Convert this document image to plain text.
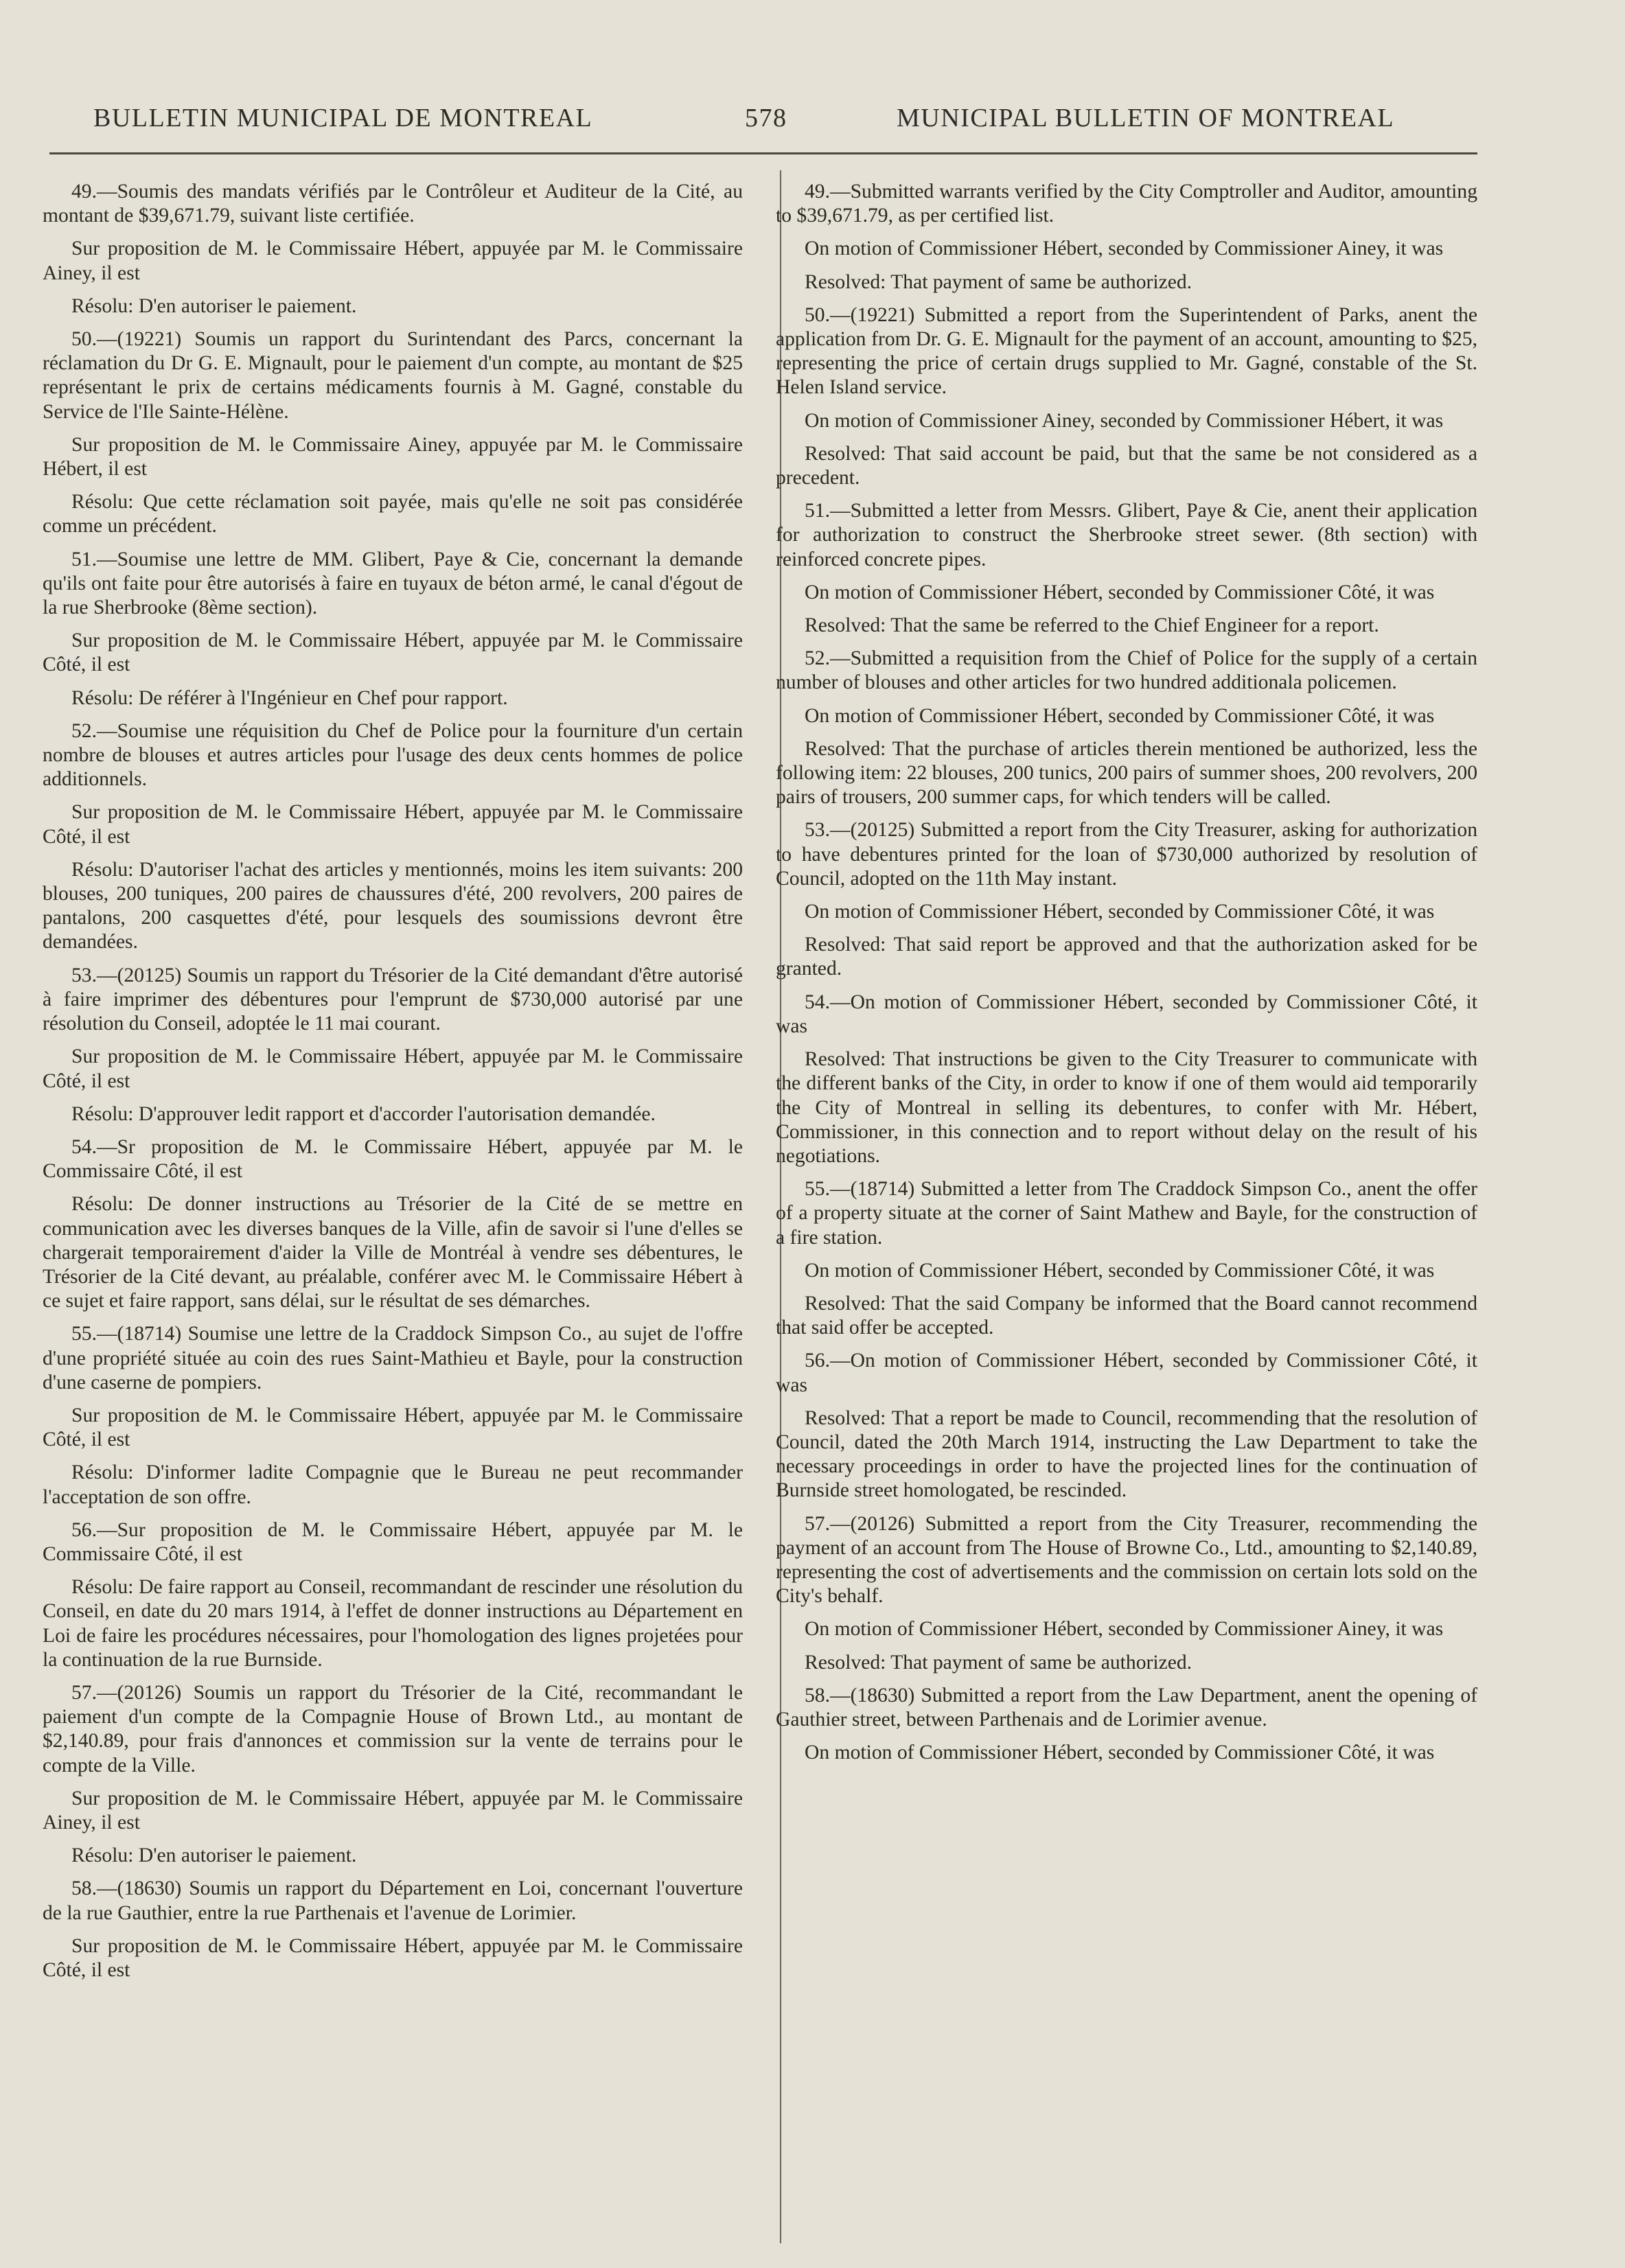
BULLETIN MUNICIPAL DE MONTREAL	578	MUNICIPAL BULLETIN OF MONTREAL

49.—Soumis des mandats vérifiés par le Contrôleur et Auditeur de la Cité, au montant de $39,671.79, suivant liste certifiée.

Sur proposition de M. le Commissaire Hébert, appuyée par M. le Commissaire Ainey, il est

Résolu: D'en autoriser le paiement.

50.—(19221) Soumis un rapport du Surintendant des Parcs, concernant la réclamation du Dr G. E. Mignault, pour le paiement d'un compte, au montant de $25 représentant le prix de certains médicaments fournis à M. Gagné, constable du Service de l'Ile Sainte-Hélène.

Sur proposition de M. le Commissaire Ainey, appuyée par M. le Commissaire Hébert, il est

Résolu: Que cette réclamation soit payée, mais qu'elle ne soit pas considérée comme un précédent.

51.—Soumise une lettre de MM. Glibert, Paye & Cie, concernant la demande qu'ils ont faite pour être autorisés à faire en tuyaux de béton armé, le canal d'égout de la rue Sherbrooke (8ème section).

Sur proposition de M. le Commissaire Hébert, appuyée par M. le Commissaire Côté, il est

Résolu: De référer à l'Ingénieur en Chef pour rapport.

52.—Soumise une réquisition du Chef de Police pour la fourniture d'un certain nombre de blouses et autres articles pour l'usage des deux cents hommes de police additionnels.

Sur proposition de M. le Commissaire Hébert, appuyée par M. le Commissaire Côté, il est

Résolu: D'autoriser l'achat des articles y mentionnés, moins les item suivants: 200 blouses, 200 tuniques, 200 paires de chaussures d'été, 200 revolvers, 200 paires de pantalons, 200 casquettes d'été, pour lesquels des soumissions devront être demandées.

53.—(20125) Soumis un rapport du Trésorier de la Cité demandant d'être autorisé à faire imprimer des débentures pour l'emprunt de $730,000 autorisé par une résolution du Conseil, adoptée le 11 mai courant.

Sur proposition de M. le Commissaire Hébert, appuyée par M. le Commissaire Côté, il est

Résolu: D'approuver ledit rapport et d'accorder l'autorisation demandée.

54.—Sr proposition de M. le Commissaire Hébert, appuyée par M. le Commissaire Côté, il est

Résolu: De donner instructions au Trésorier de la Cité de se mettre en communication avec les diverses banques de la Ville, afin de savoir si l'une d'elles se chargerait temporairement d'aider la Ville de Montréal à vendre ses débentures, le Trésorier de la Cité devant, au préalable, conférer avec M. le Commissaire Hébert à ce sujet et faire rapport, sans délai, sur le résultat de ses démarches.

55.—(18714) Soumise une lettre de la Craddock Simpson Co., au sujet de l'offre d'une propriété située au coin des rues Saint-Mathieu et Bayle, pour la construction d'une caserne de pompiers.

Sur proposition de M. le Commissaire Hébert, appuyée par M. le Commissaire Côté, il est

Résolu: D'informer ladite Compagnie que le Bureau ne peut recommander l'acceptation de son offre.

56.—Sur proposition de M. le Commissaire Hébert, appuyée par M. le Commissaire Côté, il est

Résolu: De faire rapport au Conseil, recommandant de rescinder une résolution du Conseil, en date du 20 mars 1914, à l'effet de donner instructions au Département en Loi de faire les procédures nécessaires, pour l'homologation des lignes projetées pour la continuation de la rue Burnside.

57.—(20126) Soumis un rapport du Trésorier de la Cité, recommandant le paiement d'un compte de la Compagnie House of Brown Ltd., au montant de $2,140.89, pour frais d'annonces et commission sur la vente de terrains pour le compte de la Ville.

Sur proposition de M. le Commissaire Hébert, appuyée par M. le Commissaire Ainey, il est

Résolu: D'en autoriser le paiement.

58.—(18630) Soumis un rapport du Département en Loi, concernant l'ouverture de la rue Gauthier, entre la rue Parthenais et l'avenue de Lorimier.

Sur proposition de M. le Commissaire Hébert, appuyée par M. le Commissaire Côté, il est

49.—Submitted warrants verified by the City Comptroller and Auditor, amounting to $39,671.79, as per certified list.

On motion of Commissioner Hébert, seconded by Commissioner Ainey, it was

Resolved: That payment of same be authorized.

50.—(19221) Submitted a report from the Superintendent of Parks, anent the application from Dr. G. E. Mignault for the payment of an account, amounting to $25, representing the price of certain drugs supplied to Mr. Gagné, constable of the St. Helen Island service.

On motion of Commissioner Ainey, seconded by Commissioner Hébert, it was

Resolved: That said account be paid, but that the same be not considered as a precedent.

51.—Submitted a letter from Messrs. Glibert, Paye & Cie, anent their application for authorization to construct the Sherbrooke street sewer. (8th section) with reinforced concrete pipes.

On motion of Commissioner Hébert, seconded by Commissioner Côté, it was

Resolved: That the same be referred to the Chief Engineer for a report.

52.—Submitted a requisition from the Chief of Police for the supply of a certain number of blouses and other articles for two hundred additionala policemen.

On motion of Commissioner Hébert, seconded by Commissioner Côté, it was

Resolved: That the purchase of articles therein mentioned be authorized, less the following item: 22 blouses, 200 tunics, 200 pairs of summer shoes, 200 revolvers, 200 pairs of trousers, 200 summer caps, for which tenders will be called.

53.—(20125) Submitted a report from the City Treasurer, asking for authorization to have debentures printed for the loan of $730,000 authorized by resolution of Council, adopted on the 11th May instant.

On motion of Commissioner Hébert, seconded by Commissioner Côté, it was

Resolved: That said report be approved and that the authorization asked for be granted.

54.—On motion of Commissioner Hébert, seconded by Commissioner Côté, it was

Resolved: That instructions be given to the City Treasurer to communicate with the different banks of the City, in order to know if one of them would aid temporarily the City of Montreal in selling its debentures, to confer with Mr. Hébert, Commissioner, in this connection and to report without delay on the result of his negotiations.

55.—(18714) Submitted a letter from The Craddock Simpson Co., anent the offer of a property situate at the corner of Saint Mathew and Bayle, for the construction of a fire station.

On motion of Commissioner Hébert, seconded by Commissioner Côté, it was

Resolved: That the said Company be informed that the Board cannot recommend that said offer be accepted.

56.—On motion of Commissioner Hébert, seconded by Commissioner Côté, it was

Resolved: That a report be made to Council, recommending that the resolution of Council, dated the 20th March 1914, instructing the Law Department to take the necessary proceedings in order to have the projected lines for the continuation of Burnside street homologated, be rescinded.

57.—(20126) Submitted a report from the City Treasurer, recommending the payment of an account from The House of Browne Co., Ltd., amounting to $2,140.89, representing the cost of advertisements and the commission on certain lots sold on the City's behalf.

On motion of Commissioner Hébert, seconded by Commissioner Ainey, it was

Resolved: That payment of same be authorized.

58.—(18630) Submitted a report from the Law Department, anent the opening of Gauthier street, between Parthenais and de Lorimier avenue.

On motion of Commissioner Hébert, seconded by Commissioner Côté, it was
